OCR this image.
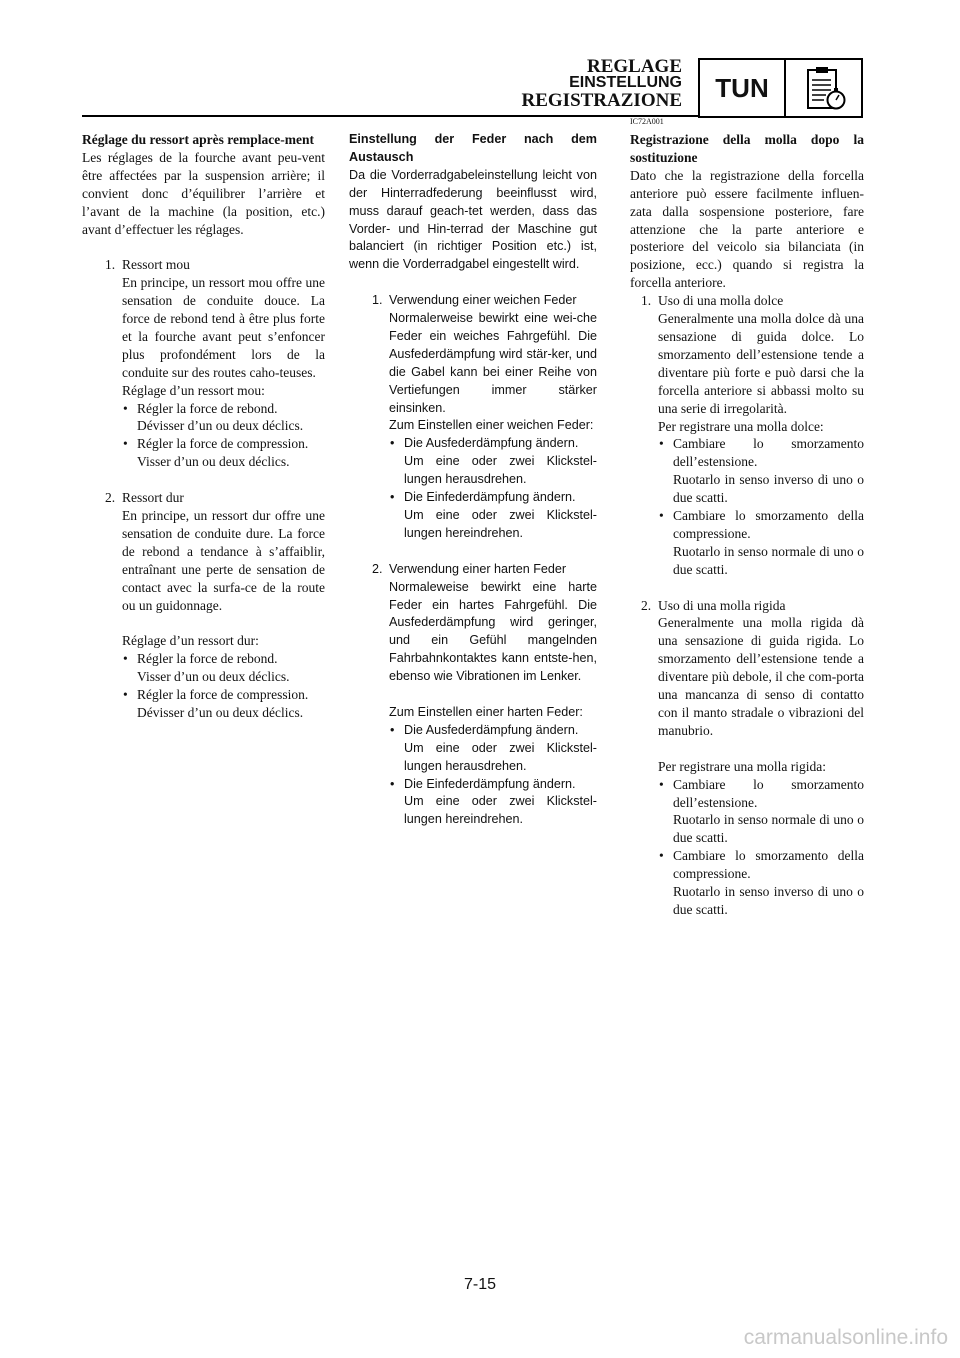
REGLAGE
EINSTELLUNG
REGISTRAZIONE	TUN
IC72A001

Réglage du ressort après remplace-ment

Les réglages de la fourche avant peu-vent être affectées par la suspension arrière; il convient donc d’équilibrer l’arrière et l’avant de la machine (la position, etc.) avant d’effectuer les réglages.

1. Ressort mou

En principe, un ressort mou offre une sensation de conduite douce. La force de rebond tend à être plus forte et la fourche avant peut s’enfoncer plus profondément lors de la conduite sur des routes caho-teuses.

Réglage d’un ressort mou:

• Régler la force de rebond.

Dévisser d’un ou deux déclics.

• Régler la force de compression.

Visser d’un ou deux déclics.

2. Ressort dur

En principe, un ressort dur offre une sensation de conduite dure. La force de rebond a tendance à s’affaiblir, entraînant une perte de sensation de contact avec la surfa-ce de la route ou un guidonnage.

Réglage d’un ressort dur:

• Régler la force de rebond.

Visser d’un ou deux déclics.

• Régler la force de compression.

Dévisser d’un ou deux déclics.

Einstellung der Feder nach dem Austausch

Da die Vorderradgabeleinstellung leicht von der Hinterradfederung beeinflusst wird, muss darauf geach-tet werden, dass das Vorder- und Hin-terrad der Maschine gut balanciert (in richtiger Position etc.) ist, wenn die Vorderradgabel eingestellt wird.

1. Verwendung einer weichen Feder

Normalerweise bewirkt eine wei-che Feder ein weiches Fahrgefühl. Die Ausfederdämpfung wird stär-ker, und die Gabel kann bei einer Reihe von Vertiefungen immer stärker einsinken.

Zum Einstellen einer weichen Feder:

• Die Ausfederdämpfung ändern.

Um eine oder zwei Klickstel-lungen herausdrehen.

• Die Einfederdämpfung ändern.

Um eine oder zwei Klickstel-lungen hereindrehen.

2. Verwendung einer harten Feder

Normaleweise bewirkt eine harte Feder ein hartes Fahrgefühl. Die Ausfederdämpfung wird geringer, und ein Gefühl mangelnden Fahrbahnkontaktes kann entste-hen, ebenso wie Vibrationen im Lenker.

Zum Einstellen einer harten Feder:

• Die Ausfederdämpfung ändern.

Um eine oder zwei Klickstel-lungen herausdrehen.

• Die Einfederdämpfung ändern.

Um eine oder zwei Klickstel-lungen hereindrehen.

Registrazione della molla dopo la sostituzione

Dato che la registrazione della forcella anteriore può essere facilmente influen-zata dalla sospensione posteriore, fare attenzione che la parte anteriore e posteriore del veicolo sia bilanciata (in posizione, ecc.) quando si registra la forcella anteriore.

1. Uso di una molla dolce

Generalmente una molla dolce dà una sensazione di guida dolce. Lo smorzamento dell’estensione tende a diventare più forte e può darsi che la forcella anteriore si abbassi molto su una serie di irregolarità.

Per registrare una molla dolce:

• Cambiare lo smorzamento dell’estensione.

Ruotarlo in senso inverso di uno o due scatti.

• Cambiare lo smorzamento della compressione.

Ruotarlo in senso normale di uno o due scatti.

2. Uso di una molla rigida

Generalmente una molla rigida dà una sensazione di guida rigida. Lo smorzamento dell’estensione tende a diventare più debole, il che com-porta una mancanza di senso di contatto con il manto stradale o vibrazioni del manubrio.

Per registrare una molla rigida:

• Cambiare lo smorzamento dell’estensione.

Ruotarlo in senso normale di uno o due scatti.

• Cambiare lo smorzamento della compressione.

Ruotarlo in senso inverso di uno o due scatti.

7-15
carmanualsonline.info
